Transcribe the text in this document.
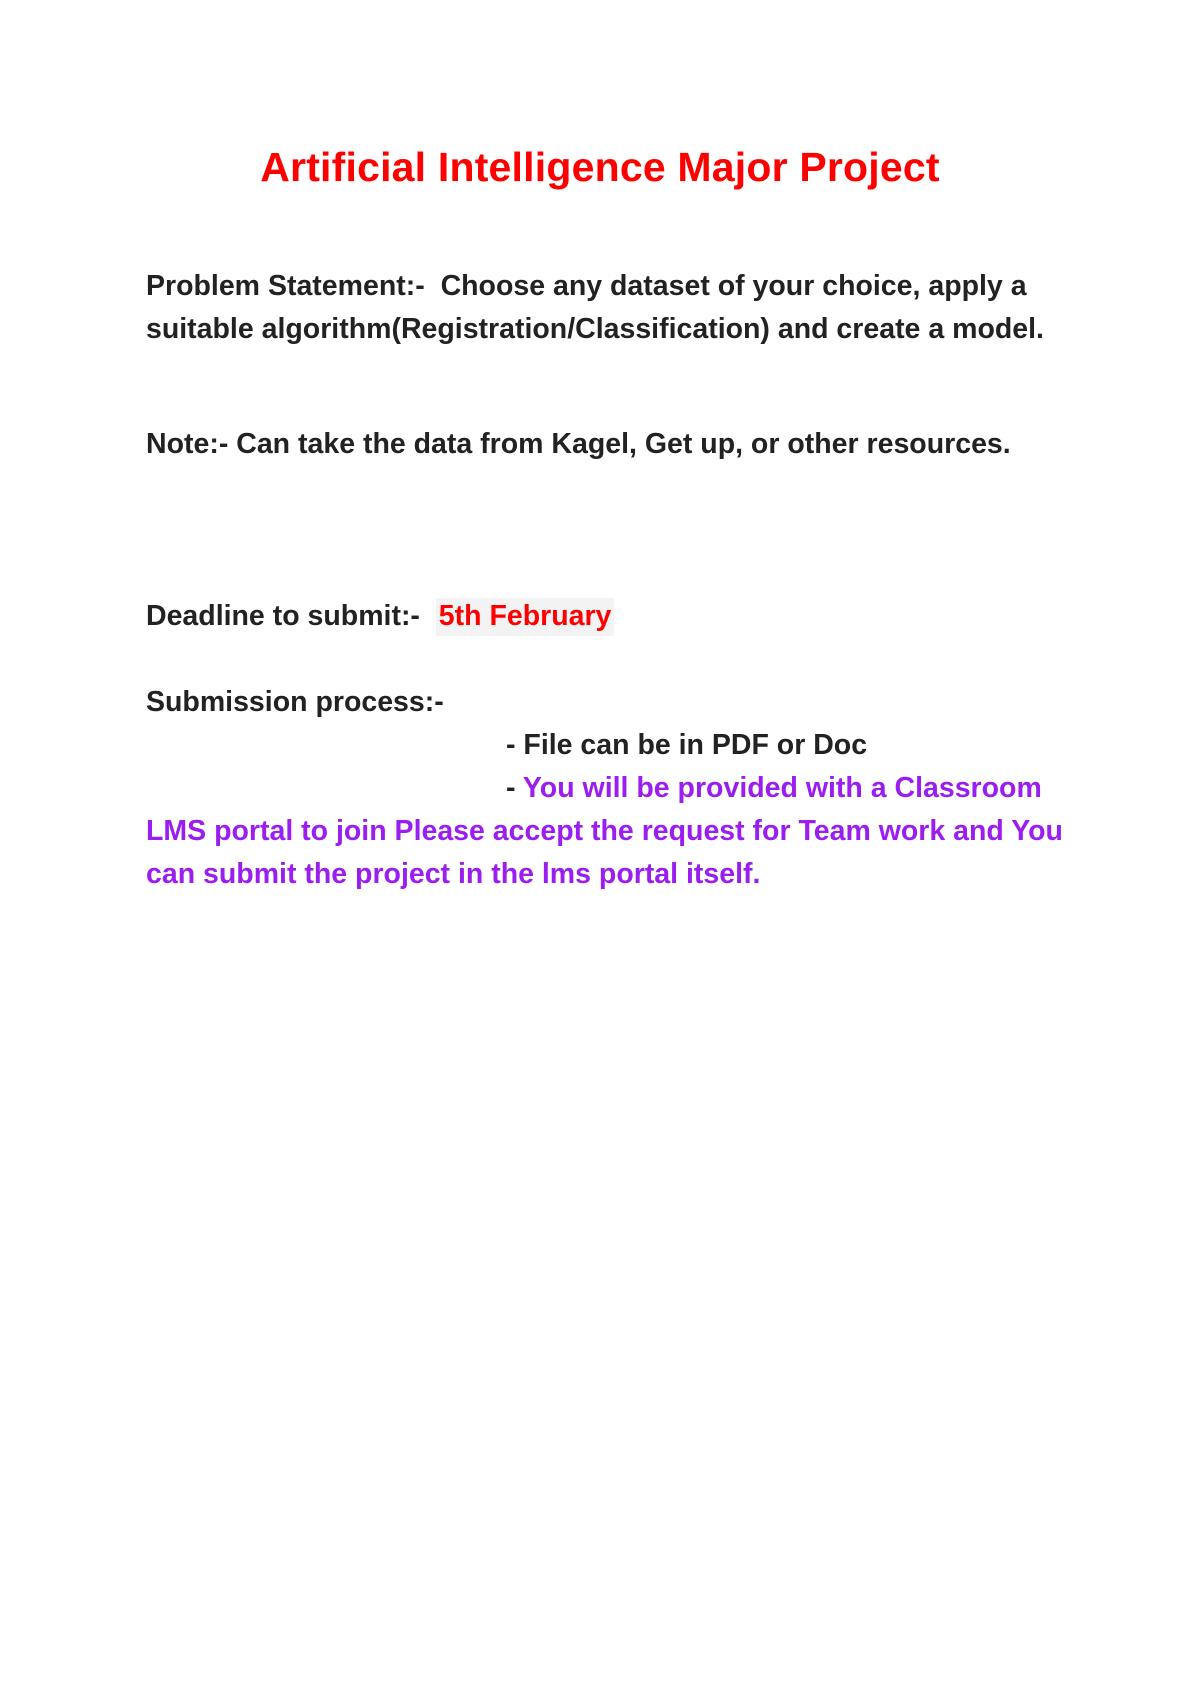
Artificial Intelligence Major Project
Problem Statement:- Choose any dataset of your choice, apply a suitable algorithm(Registration/Classification) and create a model.
Note:- Can take the data from Kagel, Get up, or other resources.
Deadline to submit:- 5th February
Submission process:-
- File can be in PDF or Doc
- You will be provided with a Classroom LMS portal to join Please accept the request for Team work and You can submit the project in the lms portal itself.
